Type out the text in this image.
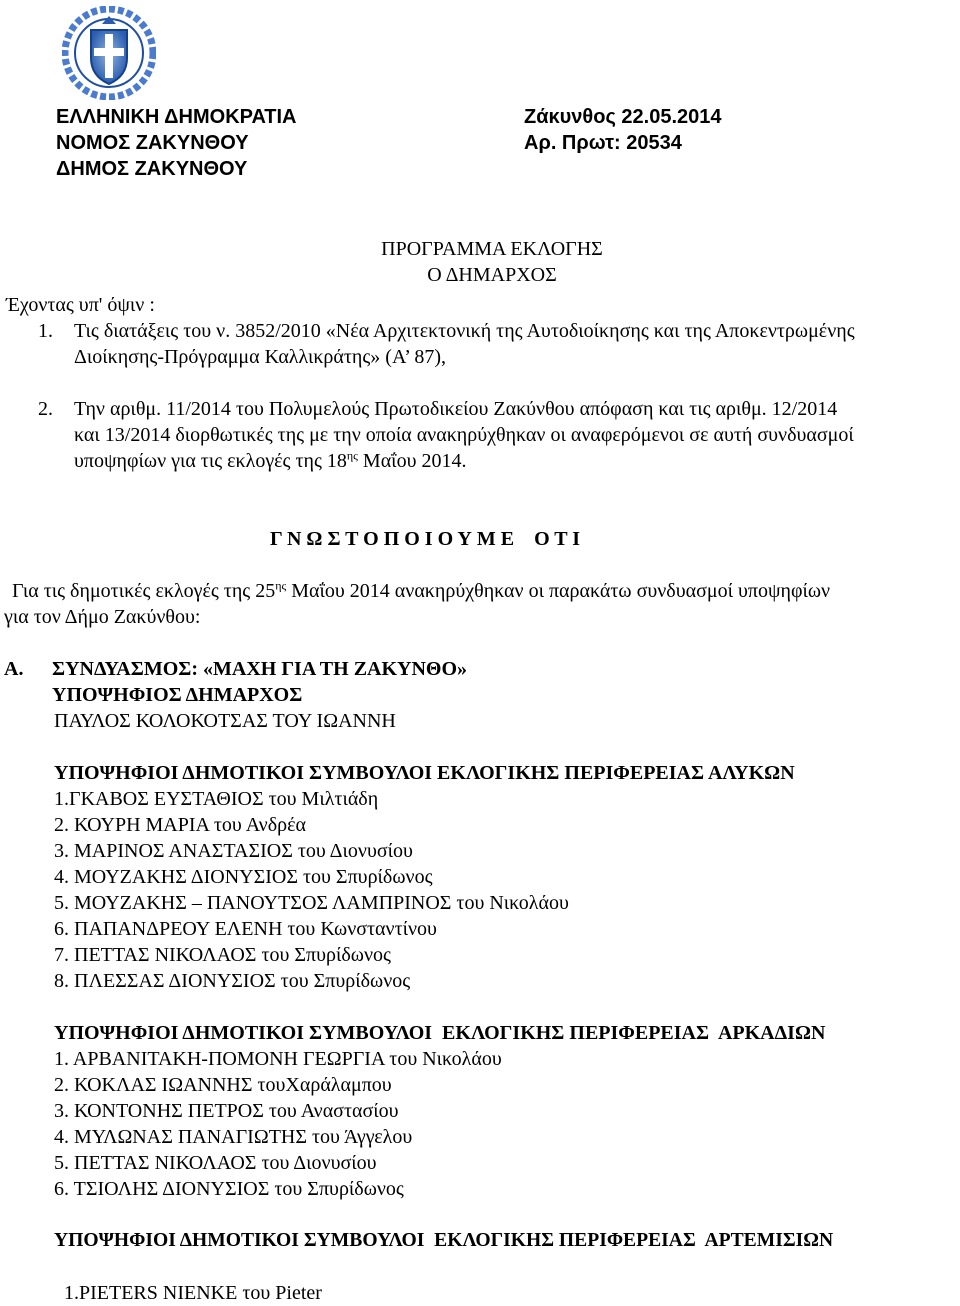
ΕΛΛΗΝΙΚΗ ΔΗΜΟΚΡΑΤΙΑ
ΝΟΜΟΣ ΖΑΚΥΝΘΟΥ
ΔΗΜΟΣ ΖΑΚΥΝΘΟΥ
Ζάκυνθος 22.05.2014
Αρ. Πρωτ: 20534
ΠΡΟΓΡΑΜΜΑ ΕΚΛΟΓΗΣ
Ο ΔΗΜΑΡΧΟΣ
Έχοντας υπ' όψιν :
1. Τις διατάξεις του ν. 3852/2010 «Νέα Αρχιτεκτονική της Αυτοδιοίκησης και της Αποκεντρωμένης
Διοίκησης-Πρόγραμμα Καλλικράτης» (Α’ 87),
2. Την αριθμ. 11/2014 του Πολυμελούς Πρωτοδικείου Ζακύνθου απόφαση και τις αριθμ. 12/2014
και 13/2014 διορθωτικές της με την οποία ανακηρύχθηκαν οι αναφερόμενοι σε αυτή συνδυασμοί
υποψηφίων για τις εκλογές της $18^{\eta\varsigma}$ Μαΐου 2014.
Γ Ν Ω Σ Τ Ο Π Ο Ι Ο Υ Μ Ε    Ο Τ Ι
Για τις δημοτικές εκλογές της $25^{\eta\varsigma}$ Μαΐου 2014 ανακηρύχθηκαν οι παρακάτω συνδυασμοί υποψηφίων
για τον Δήμο Ζακύνθου:
Α. ΣΥΝΔΥΑΣΜΟΣ: «ΜΑΧΗ ΓΙΑ ΤΗ ΖΑΚΥΝΘΟ»
ΥΠΟΨΗΦΙΟΣ ΔΗΜΑΡΧΟΣ
ΠΑΥΛΟΣ ΚΟΛΟΚΟΤΣΑΣ ΤΟΥ ΙΩΑΝΝΗ
ΥΠΟΨΗΦΙΟΙ ΔΗΜΟΤΙΚΟΙ ΣΥΜΒΟΥΛΟΙ ΕΚΛΟΓΙΚΗΣ ΠΕΡΙΦΕΡΕΙΑΣ ΑΛΥΚΩΝ
1.ΓΚΑΒΟΣ ΕΥΣΤΑΘΙΟΣ του Μιλτιάδη
2. ΚΟΥΡΗ ΜΑΡΙΑ του Ανδρέα
3. ΜΑΡΙΝΟΣ ΑΝΑΣΤΑΣΙΟΣ του Διονυσίου
4. ΜΟΥΖΑΚΗΣ ΔΙΟΝΥΣΙΟΣ του Σπυρίδωνος
5. ΜΟΥΖΑΚΗΣ – ΠΑΝΟΥΤΣΟΣ ΛΑΜΠΡΙΝΟΣ του Νικολάου
6. ΠΑΠΑΝΔΡΕΟΥ ΕΛΕΝΗ του Κωνσταντίνου
7. ΠΕΤΤΑΣ ΝΙΚΟΛΑΟΣ του Σπυρίδωνος
8. ΠΛΕΣΣΑΣ ΔΙΟΝΥΣΙΟΣ του Σπυρίδωνος
ΥΠΟΨΗΦΙΟΙ ΔΗΜΟΤΙΚΟΙ ΣΥΜΒΟΥΛΟΙ  ΕΚΛΟΓΙΚΗΣ ΠΕΡΙΦΕΡΕΙΑΣ  ΑΡΚΑΔΙΩΝ
1. ΑΡΒΑΝΙΤΑΚΗ-ΠΟΜΟΝΗ ΓΕΩΡΓΙΑ του Νικολάου
2. ΚΟΚΛΑΣ ΙΩΑΝΝΗΣ τουΧαράλαμπου
3. ΚΟΝΤΟΝΗΣ ΠΕΤΡΟΣ του Αναστασίου
4. ΜΥΛΩΝΑΣ ΠΑΝΑΓΙΩΤΗΣ του Άγγελου
5. ΠΕΤΤΑΣ ΝΙΚΟΛΑΟΣ του Διονυσίου
6. ΤΣΙΟΛΗΣ ΔΙΟΝΥΣΙΟΣ του Σπυρίδωνος
ΥΠΟΨΗΦΙΟΙ ΔΗΜΟΤΙΚΟΙ ΣΥΜΒΟΥΛΟΙ  ΕΚΛΟΓΙΚΗΣ ΠΕΡΙΦΕΡΕΙΑΣ  ΑΡΤΕΜΙΣΙΩΝ
1.PIETERS NIENKE του Pieter
